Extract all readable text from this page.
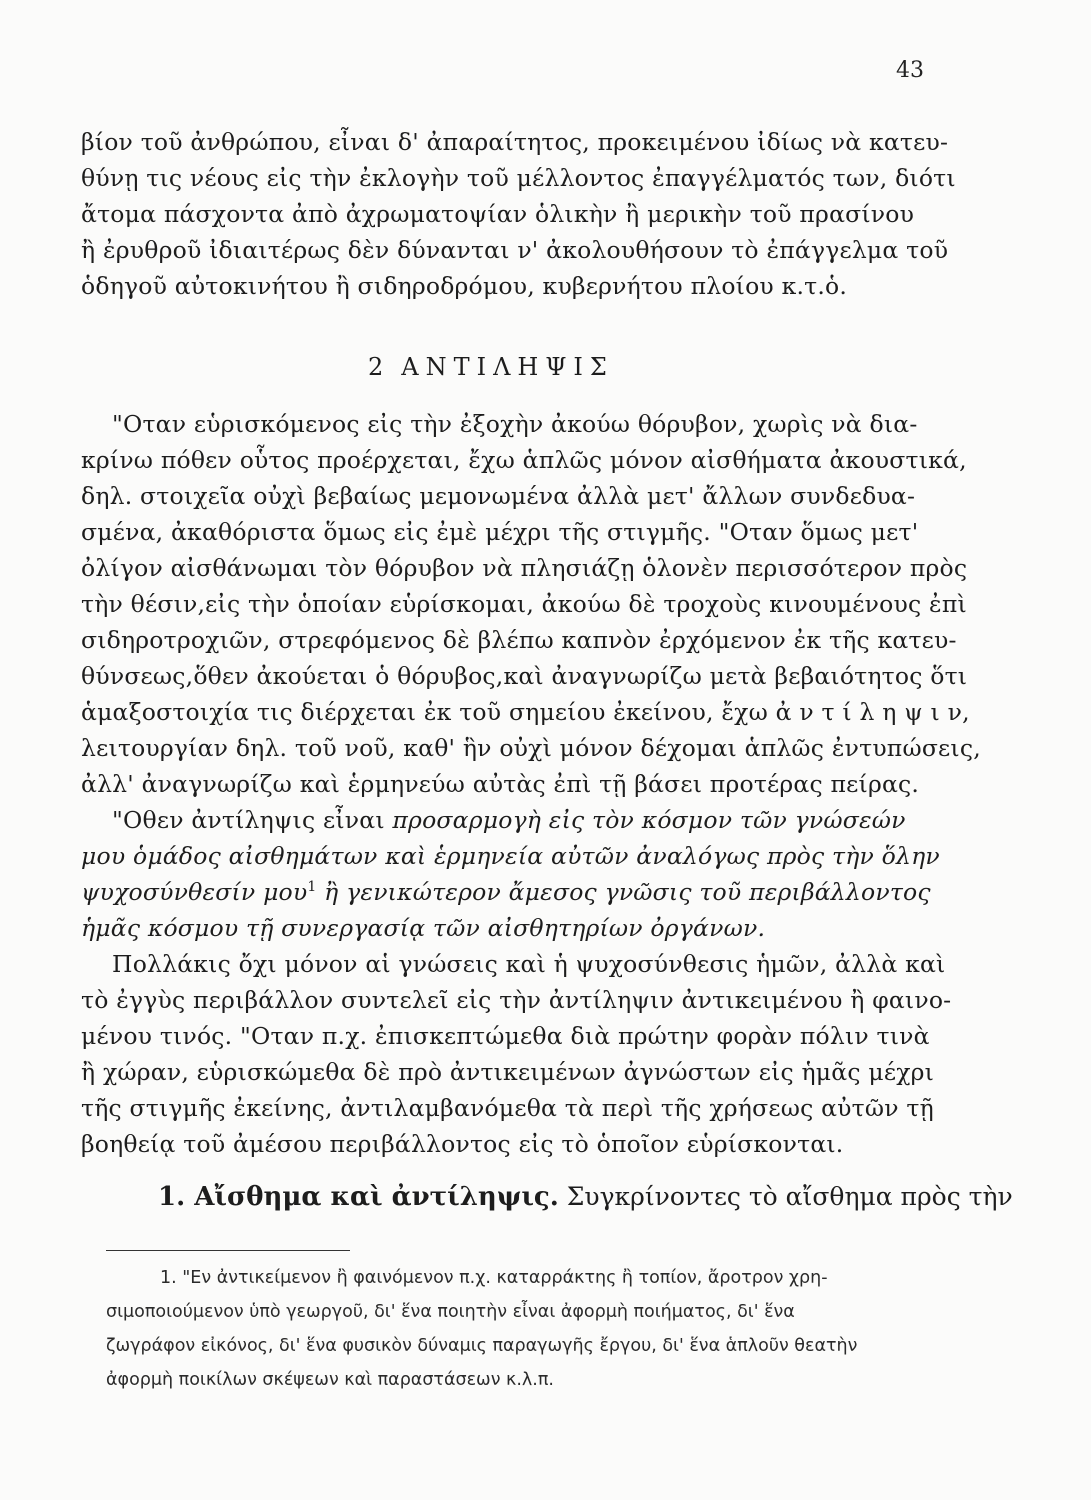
43
βίον τοῦ ἀνθρώπου, εἶναι δ' ἀπαραίτητος, προκειμένου ἰδίως νὰ κατευ-
θύνῃ τις νέους εἰς τὴν ἐκλογὴν τοῦ μέλλοντος ἐπαγγέλματός των, διότι
ἄτομα πάσχοντα ἀπὸ ἀχρωματοψίαν ὁλικὴν ἢ μερικὴν τοῦ πρασίνου
ἢ ἐρυθροῦ ἰδιαιτέρως δὲν δύνανται ν' ἀκολουθήσουν τὸ ἐπάγγελμα τοῦ
ὁδηγοῦ αὐτοκινήτου ἢ σιδηροδρόμου, κυβερνήτου πλοίου κ.τ.ὁ.
2 ΑΝΤΙΛΗΨΙΣ
"Οταν εὑρισκόμενος εἰς τὴν ἐξοχὴν ἀκούω θόρυβον, χωρὶς νὰ δια-
κρίνω πόθεν οὗτος προέρχεται, ἔχω ἁπλῶς μόνον αἰσθήματα ἀκουστικά,
δηλ. στοιχεῖα οὐχὶ βεβαίως μεμονωμένα ἀλλὰ μετ' ἄλλων συνδεδυα-
σμένα, ἀκαθόριστα ὅμως εἰς ἐμὲ μέχρι τῆς στιγμῆς. "Οταν ὅμως μετ'
ὀλίγον αἰσθάνωμαι τὸν θόρυβον νὰ πλησιάζῃ ὁλονὲν περισσότερον πρὸς
τὴν θέσιν,εἰς τὴν ὁποίαν εὑρίσκομαι, ἀκούω δὲ τροχοὺς κινουμένους ἐπὶ
σιδηροτροχιῶν, στρεφόμενος δὲ βλέπω καπνὸν ἐρχόμενον ἐκ τῆς κατευ-
θύνσεως,ὅθεν ἀκούεται ὁ θόρυβος,καὶ ἀναγνωρίζω μετὰ βεβαιότητος ὅτι
ἁμαξοστοιχία τις διέρχεται ἐκ τοῦ σημείου ἐκείνου, ἔχω ἀ ν τ ί λ η ψ ι ν,
λειτουργίαν δηλ. τοῦ νοῦ, καθ' ἣν οὐχὶ μόνον δέχομαι ἁπλῶς ἐντυπώσεις,
ἀλλ' ἀναγνωρίζω καὶ ἑρμηνεύω αὐτὰς ἐπὶ τῇ βάσει προτέρας πείρας.
"Οθεν ἀντίληψις εἶναι προσαρμογὴ εἰς τὸν κόσμον τῶν γνώσεών
μου ὁμάδος αἰσθημάτων καὶ ἑρμηνεία αὐτῶν ἀναλόγως πρὸς τὴν ὅλην
ψυχοσύνθεσίν μου$^1$ ἢ γενικώτερον ἄμεσος γνῶσις τοῦ περιβάλλοντος
ἡμᾶς κόσμου τῇ συνεργασίᾳ τῶν αἰσθητηρίων ὀργάνων.
Πολλάκις ὄχι μόνον αἱ γνώσεις καὶ ἡ ψυχοσύνθεσις ἡμῶν, ἀλλὰ καὶ
τὸ ἐγγὺς περιβάλλον συντελεῖ εἰς τὴν ἀντίληψιν ἀντικειμένου ἢ φαινο-
μένου τινός. "Οταν π.χ. ἐπισκεπτώμεθα διὰ πρώτην φορὰν πόλιν τινὰ
ἢ χώραν, εὑρισκώμεθα δὲ πρὸ ἀντικειμένων ἀγνώστων εἰς ἡμᾶς μέχρι
τῆς στιγμῆς ἐκείνης, ἀντιλαμβανόμεθα τὰ περὶ τῆς χρήσεως αὐτῶν τῇ
βοηθείᾳ τοῦ ἀμέσου περιβάλλοντος εἰς τὸ ὁποῖον εὑρίσκονται.
1. Αἴσθημα καὶ ἀντίληψις. Συγκρίνοντες τὸ αἴσθημα πρὸς τὴν
1. "Εν ἀντικείμενον ἢ φαινόμενον π.χ. καταρράκτης ἢ τοπίον, ἄροτρον χρη-
σιμοποιούμενον ὑπὸ γεωργοῦ, δι' ἕνα ποιητὴν εἶναι ἀφορμὴ ποιήματος, δι' ἕνα
ζωγράφον εἰκόνος, δι' ἕνα φυσικὸν δύναμις παραγωγῆς ἔργου, δι' ἕνα ἁπλοῦν θεατὴν
ἀφορμὴ ποικίλων σκέψεων καὶ παραστάσεων κ.λ.π.
